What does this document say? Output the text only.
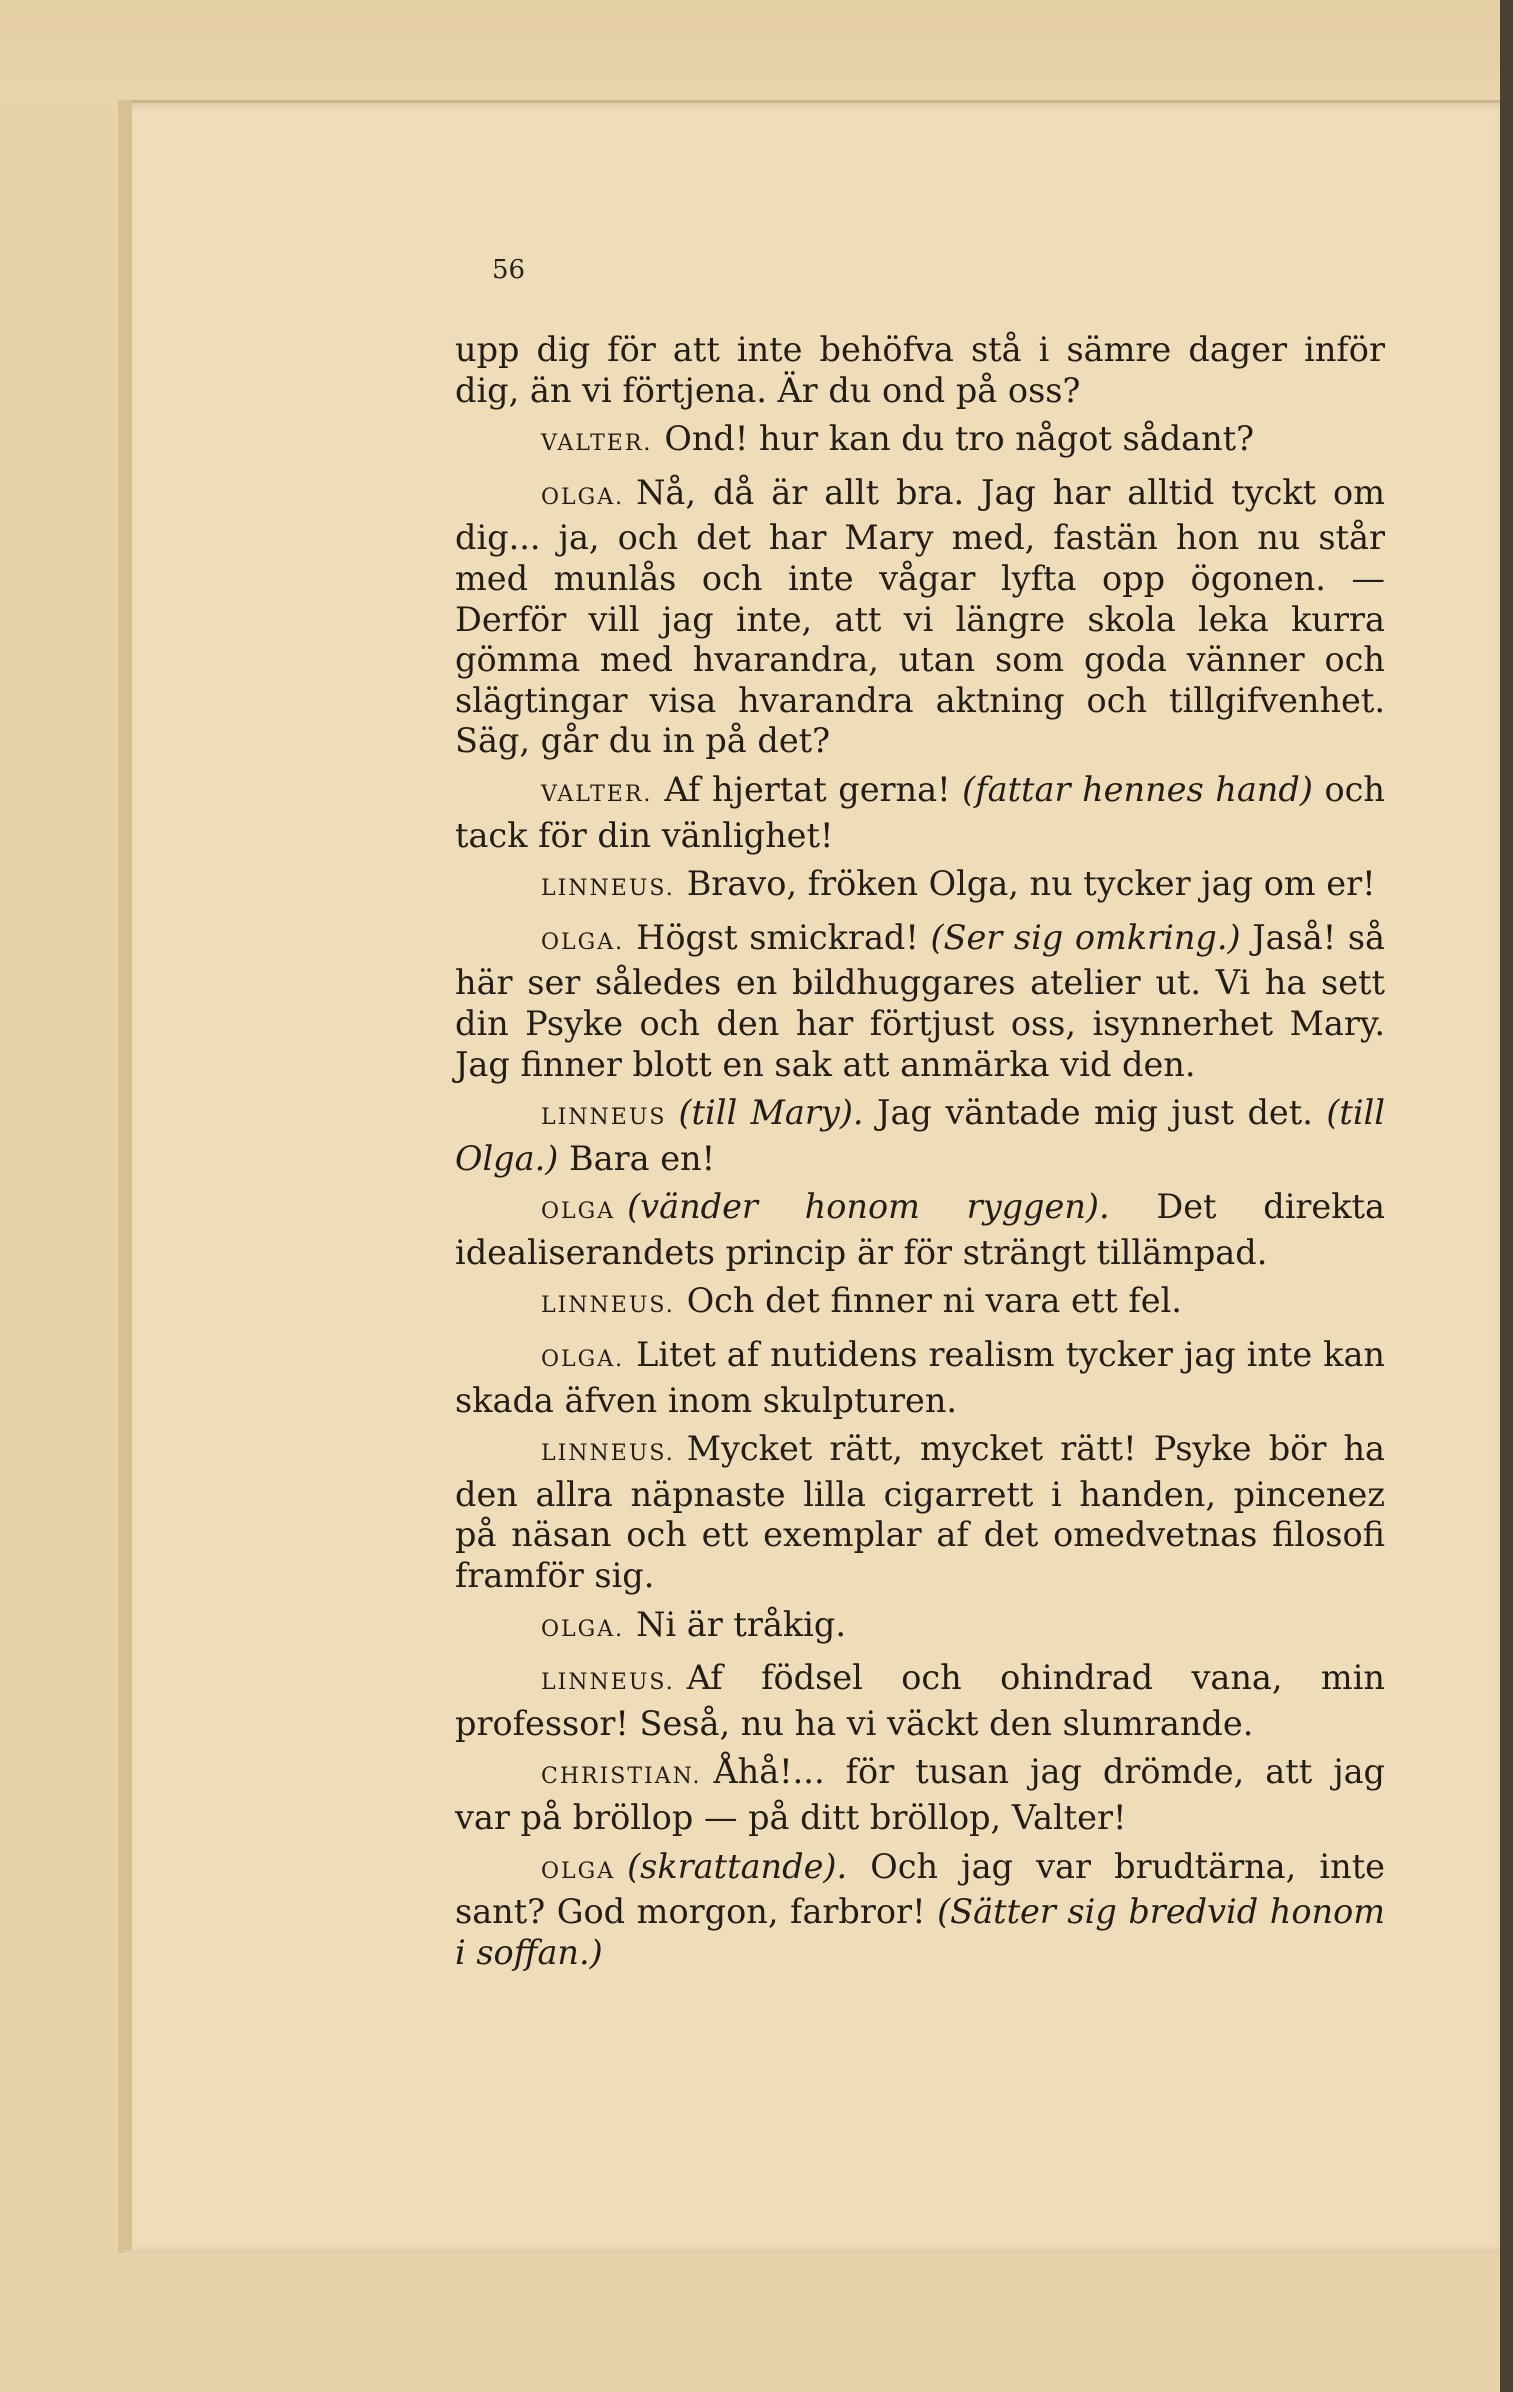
56
upp dig för att inte behöfva stå i sämre dager inför dig, än vi förtjena. Är du ond på oss?
VALTER. Ond! hur kan du tro något sådant?
OLGA. Nå, då är allt bra. Jag har alltid tyckt om dig... ja, och det har Mary med, fastän hon nu står med munlås och inte vågar lyfta opp ögonen. — Derför vill jag inte, att vi längre skola leka kurra gömma med hvarandra, utan som goda vänner och slägtingar visa hvarandra aktning och tillgifvenhet. Säg, går du in på det?
VALTER. Af hjertat gerna! (fattar hennes hand) och tack för din vänlighet!
LINNEUS. Bravo, fröken Olga, nu tycker jag om er!
OLGA. Högst smickrad! (Ser sig omkring.) Jaså! så här ser således en bildhuggares atelier ut. Vi ha sett din Psyke och den har förtjust oss, isynnerhet Mary. Jag finner blott en sak att anmärka vid den.
LINNEUS (till Mary). Jag väntade mig just det. (till Olga.) Bara en!
OLGA (vänder honom ryggen). Det direkta idealiserandets princip är för strängt tillämpad.
LINNEUS. Och det finner ni vara ett fel.
OLGA. Litet af nutidens realism tycker jag inte kan skada äfven inom skulpturen.
LINNEUS. Mycket rätt, mycket rätt! Psyke bör ha den allra näpnaste lilla cigarrett i handen, pincenez på näsan och ett exemplar af det omedvetnas filosofi framför sig.
OLGA. Ni är tråkig.
LINNEUS. Af födsel och ohindrad vana, min professor! Seså, nu ha vi väckt den slumrande.
CHRISTIAN. Åhå!... för tusan jag drömde, att jag var på bröllop — på ditt bröllop, Valter!
OLGA (skrattande). Och jag var brudtärna, inte sant? God morgon, farbror! (Sätter sig bredvid honom i soffan.)
